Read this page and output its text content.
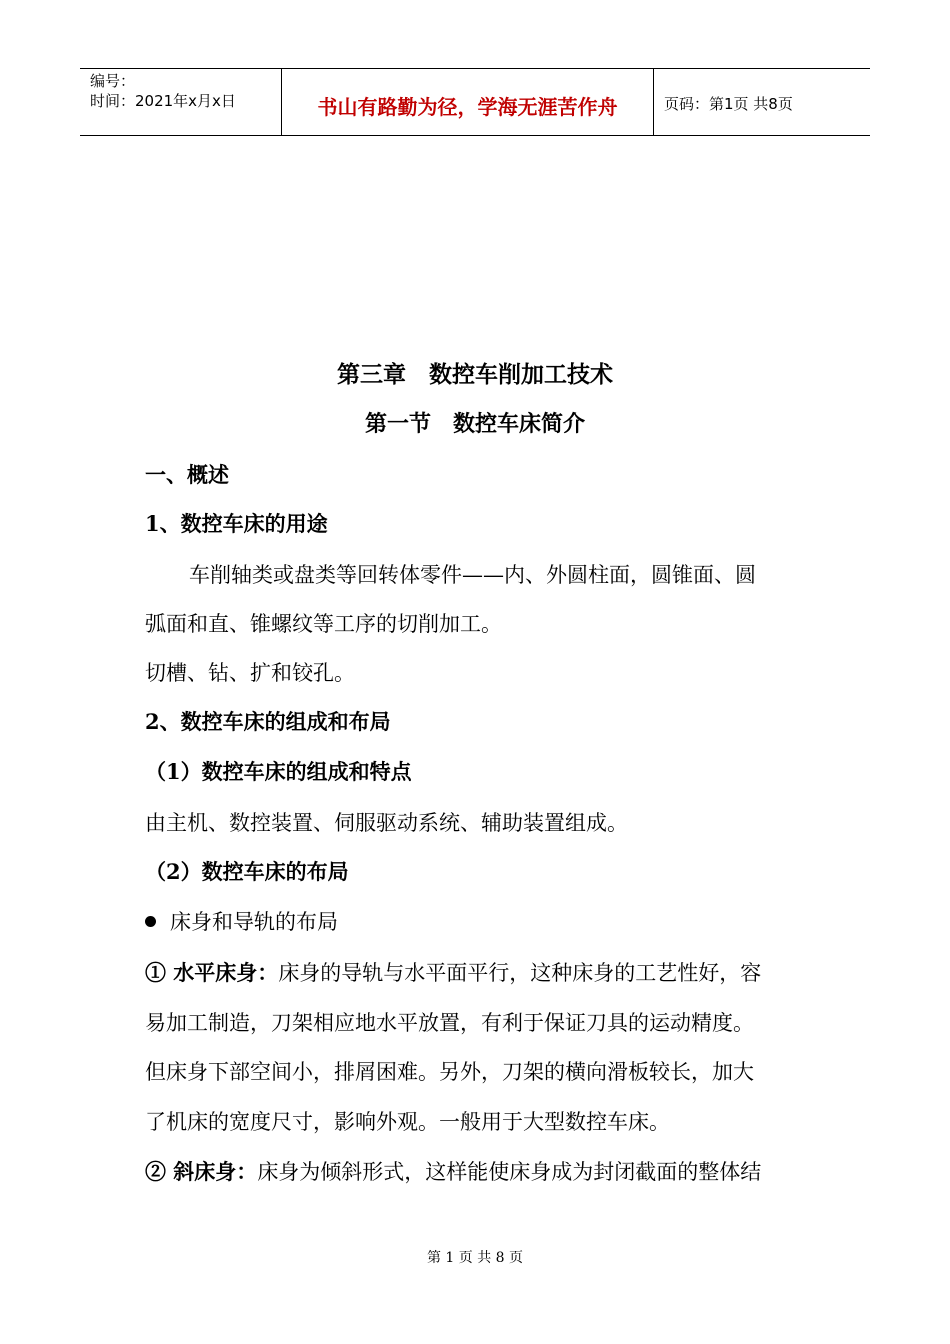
编号：
时间：2021年x月x日	书山有路勤为径，学海无涯苦作舟	页码：第1页 共8页
第三章　数控车削加工技术
第一节　数控车床简介
一、概述
1、数控车床的用途
车削轴类或盘类等回转体零件——内、外圆柱面，圆锥面、圆
弧面和直、锥螺纹等工序的切削加工。
切槽、钻、扩和铰孔。
2、数控车床的组成和布局
（1）数控车床的组成和特点
由主机、数控装置、伺服驱动系统、辅助装置组成。
（2）数控车床的布局
床身和导轨的布局
① 水平床身：床身的导轨与水平面平行，这种床身的工艺性好，容
易加工制造，刀架相应地水平放置，有利于保证刀具的运动精度。
但床身下部空间小，排屑困难。另外，刀架的横向滑板较长，加大
了机床的宽度尺寸，影响外观。一般用于大型数控车床。
② 斜床身：床身为倾斜形式，这样能使床身成为封闭截面的整体结
第 1 页 共 8 页
